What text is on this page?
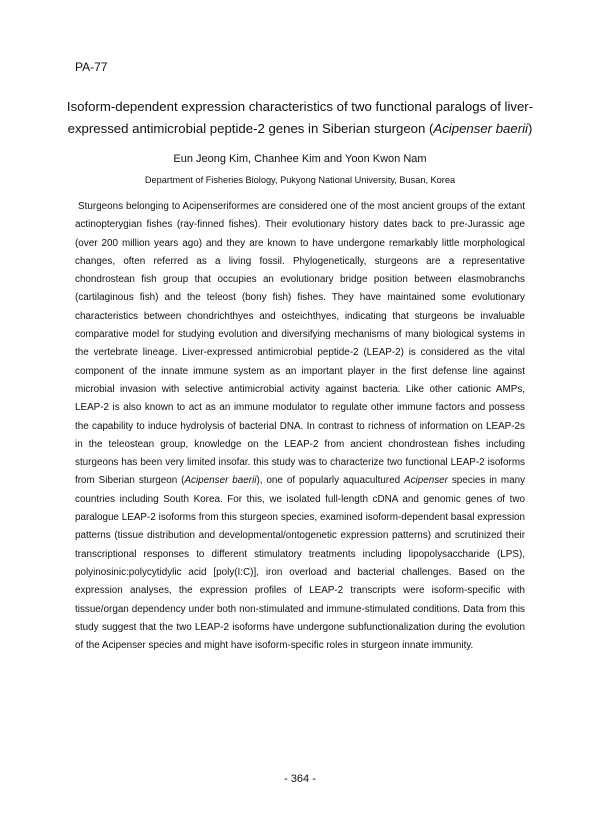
PA-77
Isoform-dependent expression characteristics of two functional paralogs of liver-expressed antimicrobial peptide-2 genes in Siberian sturgeon (Acipenser baerii)
Eun Jeong Kim, Chanhee Kim and Yoon Kwon Nam
Department of Fisheries Biology, Pukyong National University, Busan, Korea

Sturgeons belonging to Acipenseriformes are considered one of the most ancient groups of the extant actinopterygian fishes (ray-finned fishes). Their evolutionary history dates back to pre-Jurassic age (over 200 million years ago) and they are known to have undergone remarkably little morphological changes, often referred as a living fossil. Phylogenetically, sturgeons are a representative chondrostean fish group that occupies an evolutionary bridge position between elasmobranchs (cartilaginous fish) and the teleost (bony fish) fishes. They have maintained some evolutionary characteristics between chondrichthyes and osteichthyes, indicating that sturgeons be invaluable comparative model for studying evolution and diversifying mechanisms of many biological systems in the vertebrate lineage. Liver-expressed antimicrobial peptide-2 (LEAP-2) is considered as the vital component of the innate immune system as an important player in the first defense line against microbial invasion with selective antimicrobial activity against bacteria. Like other cationic AMPs, LEAP-2 is also known to act as an immune modulator to regulate other immune factors and possess the capability to induce hydrolysis of bacterial DNA. In contrast to richness of information on LEAP-2s in the teleostean group, knowledge on the LEAP-2 from ancient chondrostean fishes including sturgeons has been very limited insofar. this study was to characterize two functional LEAP-2 isoforms from Siberian sturgeon (Acipenser baerii), one of popularly aquacultured Acipenser species in many countries including South Korea. For this, we isolated full-length cDNA and genomic genes of two paralogue LEAP-2 isoforms from this sturgeon species, examined isoform-dependent basal expression patterns (tissue distribution and developmental/ontogenetic expression patterns) and scrutinized their transcriptional responses to different stimulatory treatments including lipopolysaccharide (LPS), polyinosinic:polycytidylic acid [poly(I:C)], iron overload and bacterial challenges. Based on the expression analyses, the expression profiles of LEAP-2 transcripts were isoform-specific with tissue/organ dependency under both non-stimulated and immune-stimulated conditions. Data from this study suggest that the two LEAP-2 isoforms have undergone subfunctionalization during the evolution of the Acipenser species and might have isoform-specific roles in sturgeon innate immunity.

- 364 -
